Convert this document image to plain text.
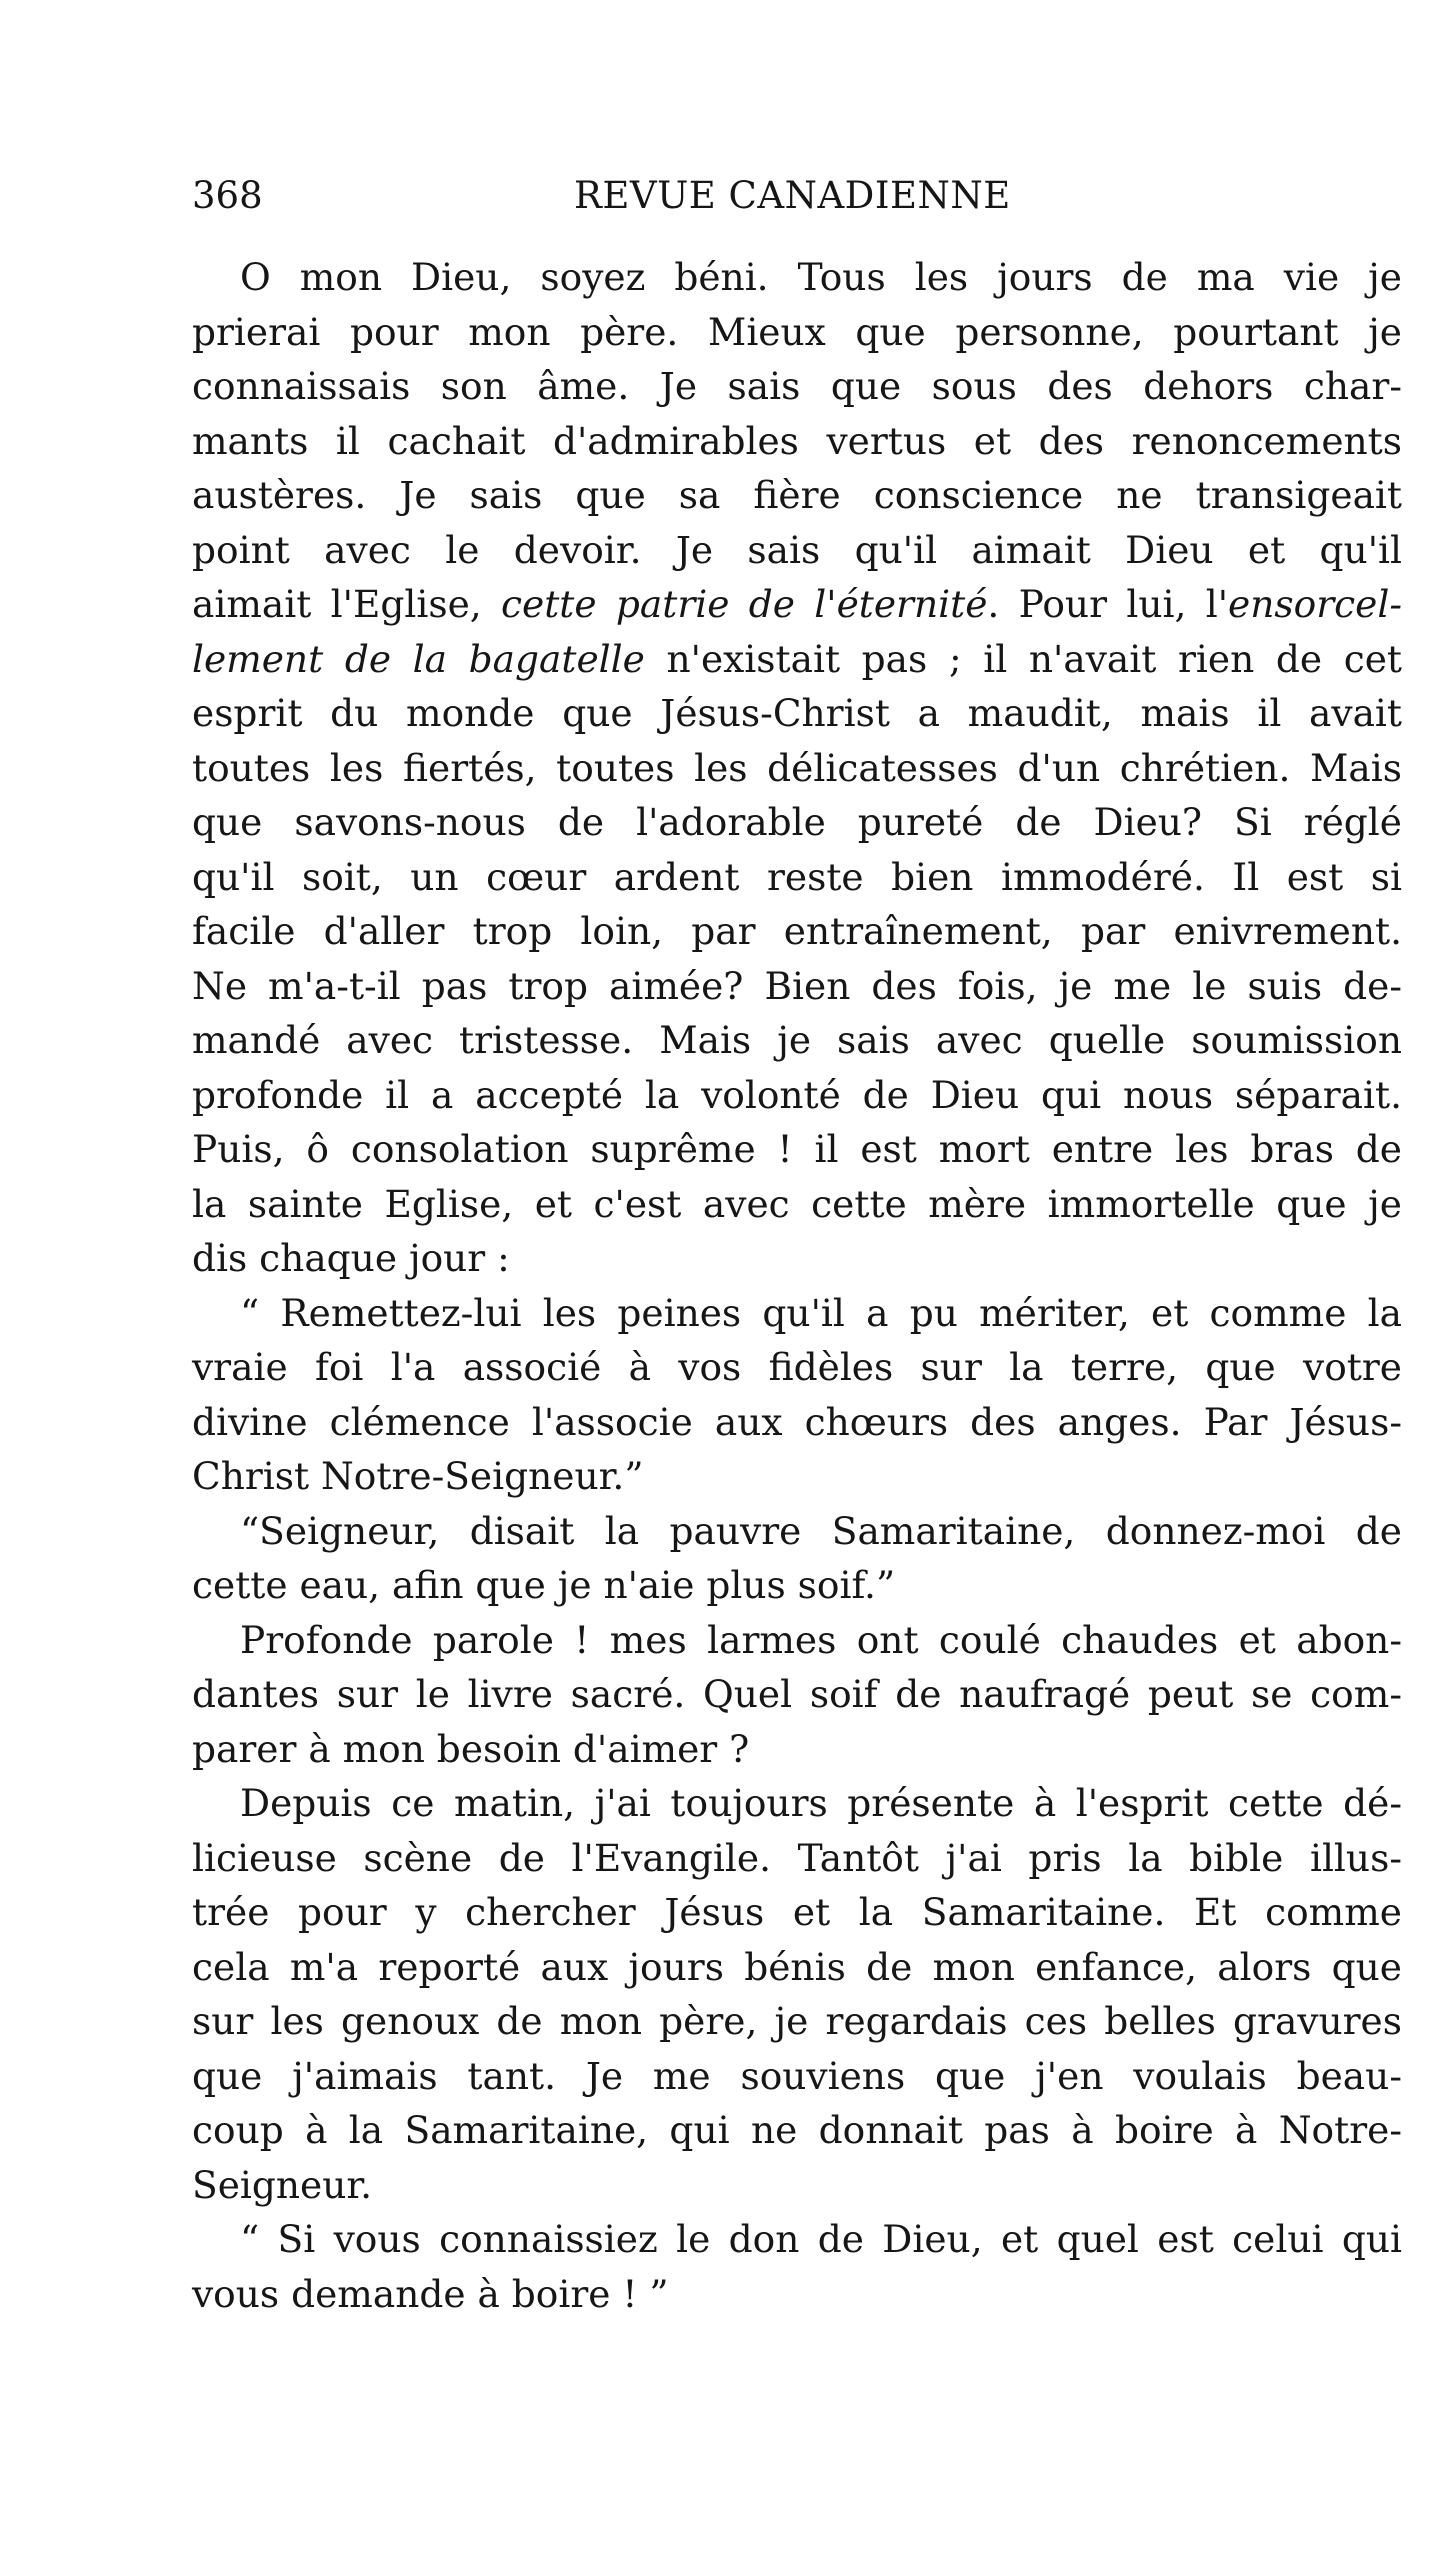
368	REVUE CANADIENNE
O mon Dieu, soyez béni. Tous les jours de ma vie je
prierai pour mon père. Mieux que personne, pourtant je
connaissais son âme. Je sais que sous des dehors char-
mants il cachait d'admirables vertus et des renoncements
austères. Je sais que sa fière conscience ne transigeait
point avec le devoir. Je sais qu'il aimait Dieu et qu'il
aimait l'Eglise, cette patrie de l'éternité. Pour lui, l'ensorcel-
lement de la bagatelle n'existait pas ; il n'avait rien de cet
esprit du monde que Jésus-Christ a maudit, mais il avait
toutes les fiertés, toutes les délicatesses d'un chrétien. Mais
que savons-nous de l'adorable pureté de Dieu? Si réglé
qu'il soit, un cœur ardent reste bien immodéré. Il est si
facile d'aller trop loin, par entraînement, par enivrement.
Ne m'a-t-il pas trop aimée? Bien des fois, je me le suis de-
mandé avec tristesse. Mais je sais avec quelle soumission
profonde il a accepté la volonté de Dieu qui nous séparait.
Puis, ô consolation suprême ! il est mort entre les bras de
la sainte Eglise, et c'est avec cette mère immortelle que je
dis chaque jour :
“ Remettez-lui les peines qu'il a pu mériter, et comme la
vraie foi l'a associé à vos fidèles sur la terre, que votre
divine clémence l'associe aux chœurs des anges. Par Jésus-
Christ Notre-Seigneur.”
“Seigneur, disait la pauvre Samaritaine, donnez-moi de
cette eau, afin que je n'aie plus soif.”
Profonde parole ! mes larmes ont coulé chaudes et abon-
dantes sur le livre sacré. Quel soif de naufragé peut se com-
parer à mon besoin d'aimer ?
Depuis ce matin, j'ai toujours présente à l'esprit cette dé-
licieuse scène de l'Evangile. Tantôt j'ai pris la bible illus-
trée pour y chercher Jésus et la Samaritaine. Et comme
cela m'a reporté aux jours bénis de mon enfance, alors que
sur les genoux de mon père, je regardais ces belles gravures
que j'aimais tant. Je me souviens que j'en voulais beau-
coup à la Samaritaine, qui ne donnait pas à boire à Notre-
Seigneur.
“ Si vous connaissiez le don de Dieu, et quel est celui qui
vous demande à boire ! ”
